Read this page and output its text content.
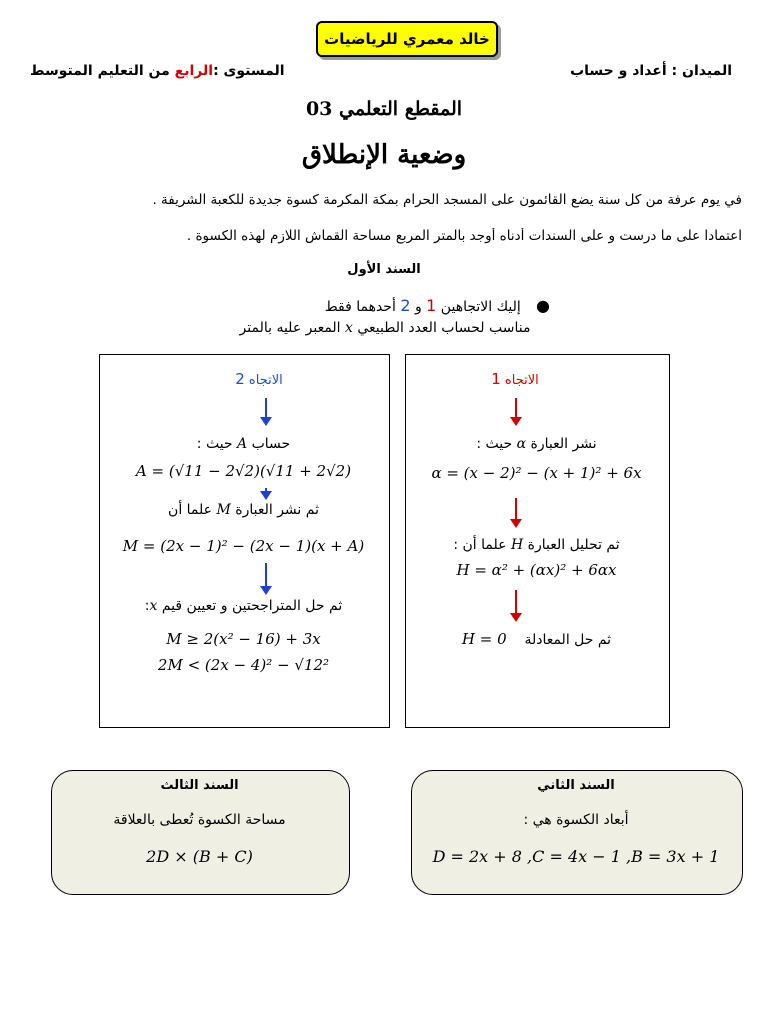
خالد معمري للرياضيات
الميدان : أعداد و حساب
المستوى :الرابع من التعليم المتوسط
المقطع التعلمي 03
وضعية الإنطلاق
في يوم عرفة من كل سنة يضع القائمون على المسجد الحرام بمكة المكرمة كسوة جديدة للكعبة الشريفة .
اعتمادا على ما درست و على السندات أدناه أوجد بالمتر المربع مساحة القماش اللازم لهذه الكسوة .
السند الأول
●   إليك الاتجاهين 1 و 2 أحدهما فقط
مناسب لحساب العدد الطبيعي x المعبر عليه بالمتر
الاتجاه 1
نشر العبارة α حيث :
α = (x − 2)² − (x + 1)² + 6x
ثم تحليل العبارة H علما أن :
H = α² + (αx)² + 6αx
H = 0 ثم حل المعادلة
الاتجاه 2
حساب A حيث :
A = (√11 − 2√2)(√11 + 2√2)
ثم نشر العبارة M علما أن
M = (2x − 1)² − (2x − 1)(x + A)
ثم حل المتراجحتين و تعيين قيم x:
M ≥ 2(x² − 16) + 3x
2M < (2x − 4)² − √12²
السند الثالث
مساحة الكسوة تُعطى بالعلاقة
2D × (B + C)
السند الثاني
أبعاد الكسوة هي :
D = 2x + 8 ,C = 4x − 1 ,B = 3x + 1
